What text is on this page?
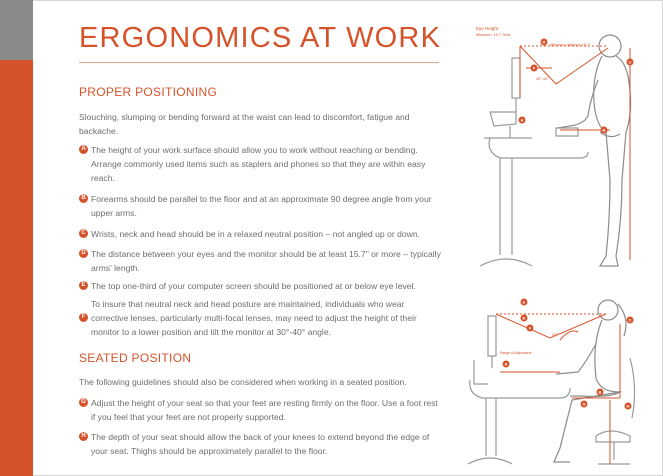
ERGONOMICS AT WORK
PROPER POSITIONING
Slouching, slumping or bending forward at the waist can lead to discomfort, fatigue and backache.
A The height of your work surface should allow you to work without reaching or bending. Arrange commonly used items such as staplers and phones so that they are within easy reach.
B Forearms should be parallel to the floor and at an approximate 90 degree angle from your upper arms.
C Wrists, neck and head should be in a relaxed neutral position – not angled up or down.
D The distance between your eyes and the monitor should be at least 15.7" or more – typically arms' length.
E The top one-third of your computer screen should be positioned at or below eye level.
F
To insure that neutral neck and head posture are maintained, individuals who wear corrective lenses, particularly multi-focal lenses, may need to adjust the height of their monitor to a lower position and tilt the monitor at 30°-40° angle.
SEATED POSITION
The following guidelines should also be considered when working in a seated position.
G Adjust the height of your seat so that your feet are resting firmly on the floor. Use a foot rest if you feel that your feet are not properly supported.
H The depth of your seat should allow the back of your knees to extend beyond the edge of your seat. Thighs should be approximately parallel to the floor.
Eye Height
Minimum: 15.7" Max
Minimum distance 15.7"
30°-40°
D
F
A
C
B
30°
Range of Adjustment
E
D
A
C
B
G	H
F
